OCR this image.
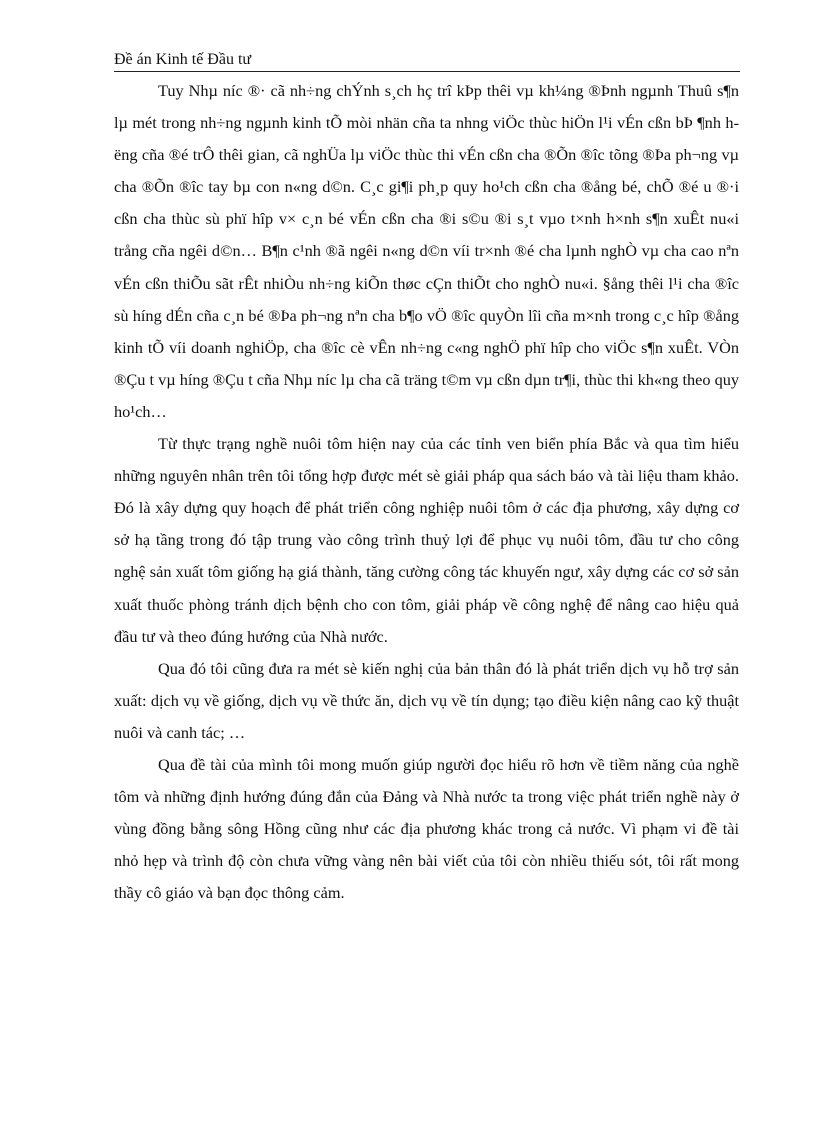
Đề án Kinh tế Đầu tư

Tuy Nhµ níc ®· cã nh÷ng chÝnh s¸ch hç trî kÞp thêi vµ kh¼ng ®Þnh ngµnh Thuû s¶n lµ mét trong nh÷ng ngµnh kinh tÕ mòi nhän cña ta nhng viÖc thùc hiÖn l¹i vÉn cßn bÞ ¶nh hëng cña ®é trÔ thêi gian, cã nghÜa lµ viÖc thùc thi vÉn cßn cha ®Õn ®îc tõng ®Þa ph¬ng vµ cha ®Õn ®îc tay bµ con n«ng d©n. C¸c gi¶i ph¸p quy ho¹ch cßn cha ®ång bé, chÕ ®é u ®·i cßn cha thùc sù phï hîp v× c¸n bé vÉn cßn cha ®i s©u ®i s¸t vµo t×nh h×nh s¶n xuÊt nu«i trång cña ngêi d©n… B¶n c¹nh ®ã ngêi n«ng d©n víi tr×nh ®é cha lµnh nghÒ vµ cha cao nªn vÉn cßn thiÕu sãt rÊt nhiÒu nh÷ng kiÕn thøc cÇn thiÕt cho nghÒ nu«i. §ång thêi l¹i cha ®îc sù híng dÉn cña c¸n bé ®Þa ph¬ng nªn cha b¶o vÖ ®îc quyÒn lîi cña m×nh trong c¸c hîp ®ång kinh tÕ víi doanh nghiÖp, cha ®îc cè vÊn nh÷ng c«ng nghÖ phï hîp cho viÖc s¶n xuÊt. VÒn ®Çu t vµ híng ®Çu t cña Nhµ níc lµ cha cã träng t©m vµ cßn dµn tr¶i, thùc thi kh«ng theo quy ho¹ch…

Từ thực trạng nghề nuôi tôm hiện nay của các tỉnh ven biển phía Bắc và qua tìm hiểu những nguyên nhân trên tôi tổng hợp được mét sè giải pháp qua sách báo và tài liệu tham khảo. Đó là xây dựng quy hoạch để phát triển công nghiệp nuôi tôm ở các địa phương, xây dựng cơ sở hạ tầng trong đó tập trung vào công trình thuỷ lợi để phục vụ nuôi tôm, đầu tư cho công nghệ sản xuất tôm giống hạ giá thành, tăng cường công tác khuyến ngư, xây dựng các cơ sở sản xuất thuốc phòng tránh dịch bệnh cho con tôm, giải pháp về công nghệ để nâng cao hiệu quả đầu tư và theo đúng hướng của Nhà nước.

Qua đó tôi cũng đưa ra mét sè kiến nghị của bản thân đó là phát triển dịch vụ hỗ trợ sản xuất: dịch vụ về giống, dịch vụ về thức ăn, dịch vụ về tín dụng; tạo điều kiện nâng cao kỹ thuật nuôi và canh tác; …

Qua đề tài của mình tôi mong muốn giúp người đọc hiểu rõ hơn về tiềm năng của nghề tôm và những định hướng đúng đắn của Đảng và Nhà nước ta trong việc phát triển nghề này ở vùng đồng bằng sông Hồng cũng như các địa phương khác trong cả nước. Vì phạm vi đề tài nhỏ hẹp và trình độ còn chưa vững vàng nên bài viết của tôi còn nhiều thiếu sót, tôi rất mong thầy cô giáo và bạn đọc thông cảm.
